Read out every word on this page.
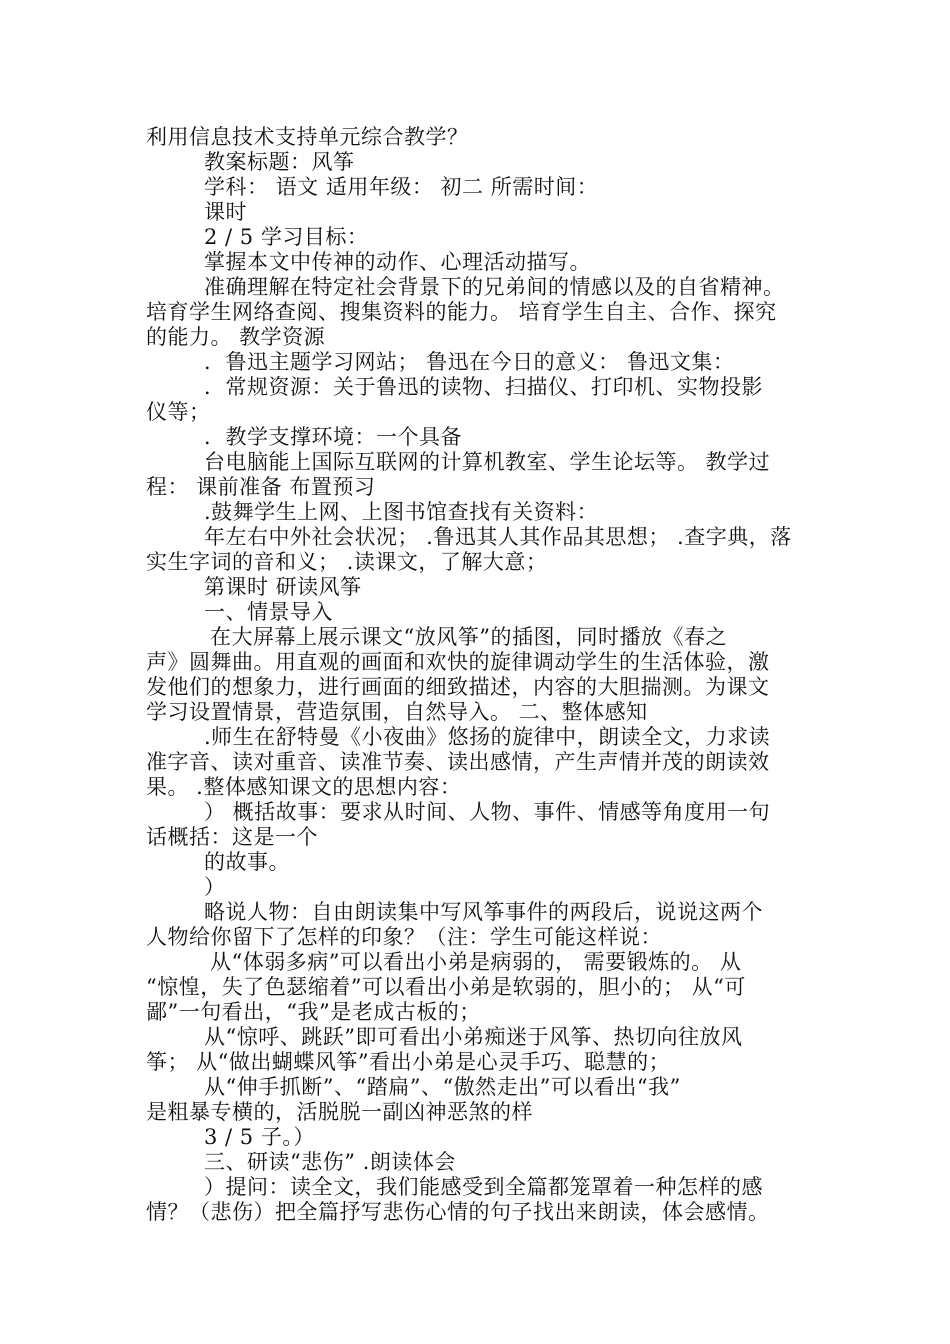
利用信息技术支持单元综合教学？

教案标题：风筝

学科： 语文 适用年级： 初二 所需时间：

课时

2 / 5 学习目标：

掌握本文中传神的动作、心理活动描写。

准确理解在特定社会背景下的兄弟间的情感以及的自省精神。

培育学生网络查阅、搜集资料的能力。 培育学生自主、合作、探究

的能力。 教学资源

．鲁迅主题学习网站； 鲁迅在今日的意义： 鲁迅文集：

．常规资源：关于鲁迅的读物、扫描仪、打印机、实物投影

仪等；

．教学支撑环境：一个具备

台电脑能上国际互联网的计算机教室、学生论坛等。 教学过

程： 课前准备 布置预习

.鼓舞学生上网、上图书馆查找有关资料：

年左右中外社会状况； .鲁迅其人其作品其思想； .查字典，落

实生字词的音和义； .读课文，了解大意；

第课时 研读风筝

一、情景导入

在大屏幕上展示课文“放风筝”的插图，同时播放《春之

声》圆舞曲。用直观的画面和欢快的旋律调动学生的生活体验，激

发他们的想象力，进行画面的细致描述，内容的大胆揣测。为课文

学习设置情景，营造氛围，自然导入。 二、整体感知

.师生在舒特曼《小夜曲》悠扬的旋律中，朗读全文，力求读

准字音、读对重音、读准节奏、读出感情，产生声情并茂的朗读效

果。 .整体感知课文的思想内容：

） 概括故事：要求从时间、人物、事件、情感等角度用一句

话概括：这是一个

的故事。

）

略说人物：自由朗读集中写风筝事件的两段后，说说这两个

人物给你留下了怎样的印象？（注：学生可能这样说：

从“体弱多病”可以看出小弟是病弱的， 需要锻炼的。 从

“惊惶，失了色瑟缩着”可以看出小弟是软弱的，胆小的； 从“可

鄙”一句看出，“我”是老成古板的；

从“惊呼、跳跃”即可看出小弟痴迷于风筝、热切向往放风

筝； 从“做出蝴蝶风筝”看出小弟是心灵手巧、聪慧的；

从“伸手抓断”、“踏扁”、“傲然走出”可以看出“我”

是粗暴专横的，活脱脱一副凶神恶煞的样

3 / 5 子。）

三、研读“悲伤” .朗读体会

）提问：读全文，我们能感受到全篇都笼罩着一种怎样的感

情？（悲伤）把全篇抒写悲伤心情的句子找出来朗读，体会感情。
